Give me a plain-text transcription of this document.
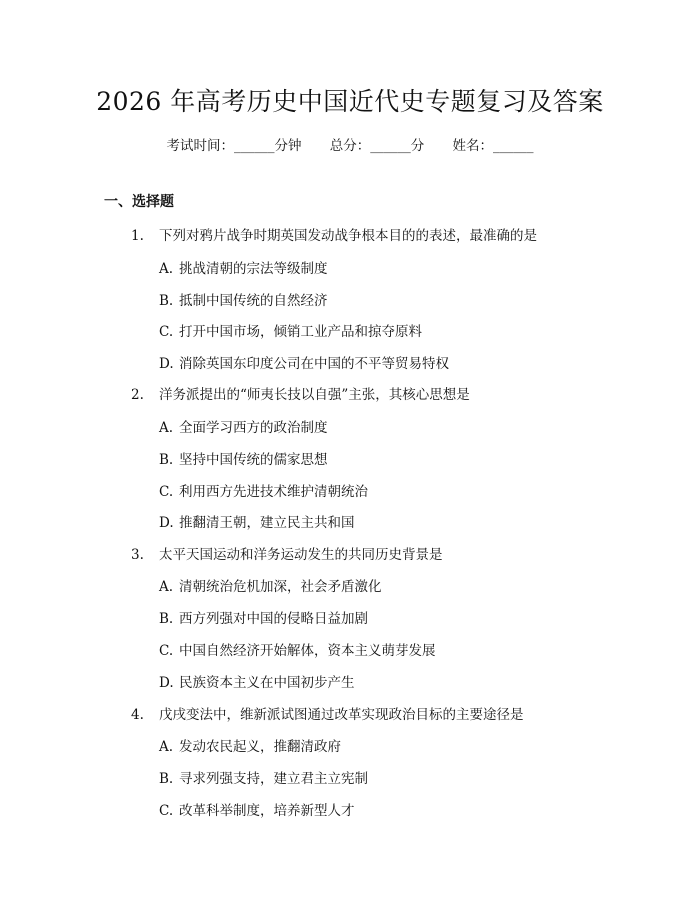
2026 年高考历史中国近代史专题复习及答案
考试时间：______分钟 总分：______分 姓名：______
一、选择题
1. 下列对鸦片战争时期英国发动战争根本目的的表述，最准确的是
A. 挑战清朝的宗法等级制度
B. 抵制中国传统的自然经济
C. 打开中国市场，倾销工业产品和掠夺原料
D. 消除英国东印度公司在中国的不平等贸易特权
2. 洋务派提出的“师夷长技以自强”主张，其核心思想是
A. 全面学习西方的政治制度
B. 坚持中国传统的儒家思想
C. 利用西方先进技术维护清朝统治
D. 推翻清王朝，建立民主共和国
3. 太平天国运动和洋务运动发生的共同历史背景是
A. 清朝统治危机加深，社会矛盾激化
B. 西方列强对中国的侵略日益加剧
C. 中国自然经济开始解体，资本主义萌芽发展
D. 民族资本主义在中国初步产生
4. 戊戌变法中，维新派试图通过改革实现政治目标的主要途径是
A. 发动农民起义，推翻清政府
B. 寻求列强支持，建立君主立宪制
C. 改革科举制度，培养新型人才
